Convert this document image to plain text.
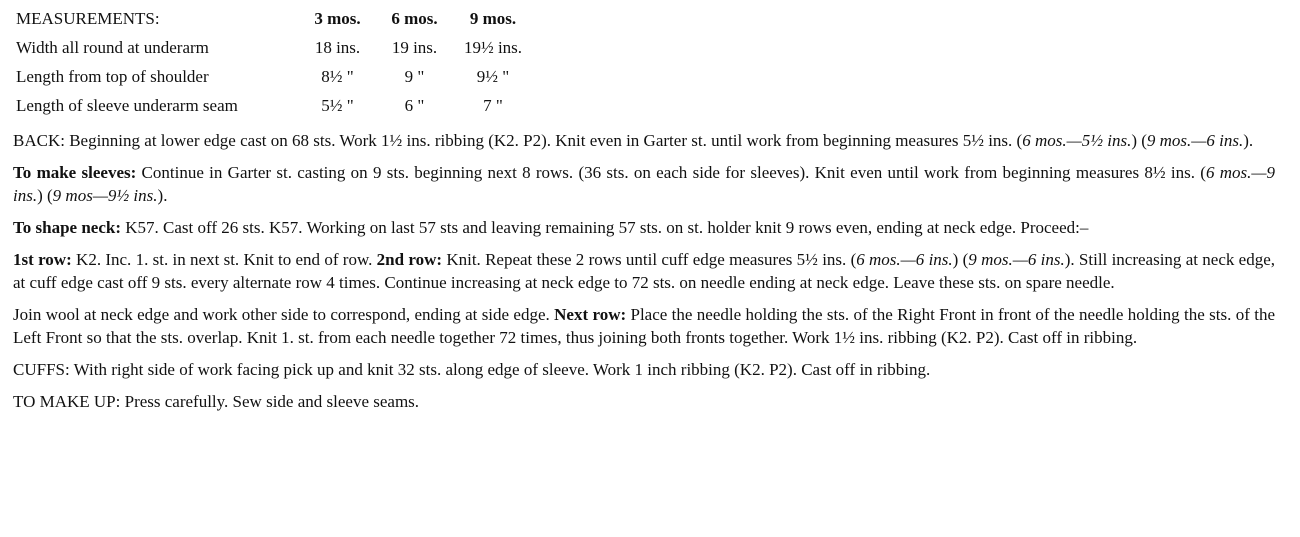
MEASUREMENTS:	3 mos.	6 mos.	9 mos.
Width all round at underarm	18 ins.	19 ins.	19½ ins.
Length from top of shoulder	8½ "	9 "	9½ "
Length of sleeve underarm seam	5½ "	6 "	7 "

BACK: Beginning at lower edge cast on 68 sts. Work 1½ ins. ribbing (K2. P2). Knit even in Garter st. until work from beginning measures 5½ ins. (6 mos.—5½ ins.) (9 mos.—6 ins.).

To make sleeves: Continue in Garter st. casting on 9 sts. beginning next 8 rows. (36 sts. on each side for sleeves). Knit even until work from beginning measures 8½ ins. (6 mos.—9 ins.) (9 mos—9½ ins.).

To shape neck: K57. Cast off 26 sts. K57. Working on last 57 sts and leaving remaining 57 sts. on st. holder knit 9 rows even, ending at neck edge. Proceed:–

1st row: K2. Inc. 1. st. in next st. Knit to end of row. 2nd row: Knit. Repeat these 2 rows until cuff edge measures 5½ ins. (6 mos.—6 ins.) (9 mos.—6 ins.). Still increasing at neck edge, at cuff edge cast off 9 sts. every alternate row 4 times. Continue increasing at neck edge to 72 sts. on needle ending at neck edge. Leave these sts. on spare needle.

Join wool at neck edge and work other side to correspond, ending at side edge. Next row: Place the needle holding the sts. of the Right Front in front of the needle holding the sts. of the Left Front so that the sts. overlap. Knit 1. st. from each needle together 72 times, thus joining both fronts together. Work 1½ ins. ribbing (K2. P2). Cast off in ribbing.

CUFFS: With right side of work facing pick up and knit 32 sts. along edge of sleeve. Work 1 inch ribbing (K2. P2). Cast off in ribbing.

TO MAKE UP: Press carefully. Sew side and sleeve seams.
